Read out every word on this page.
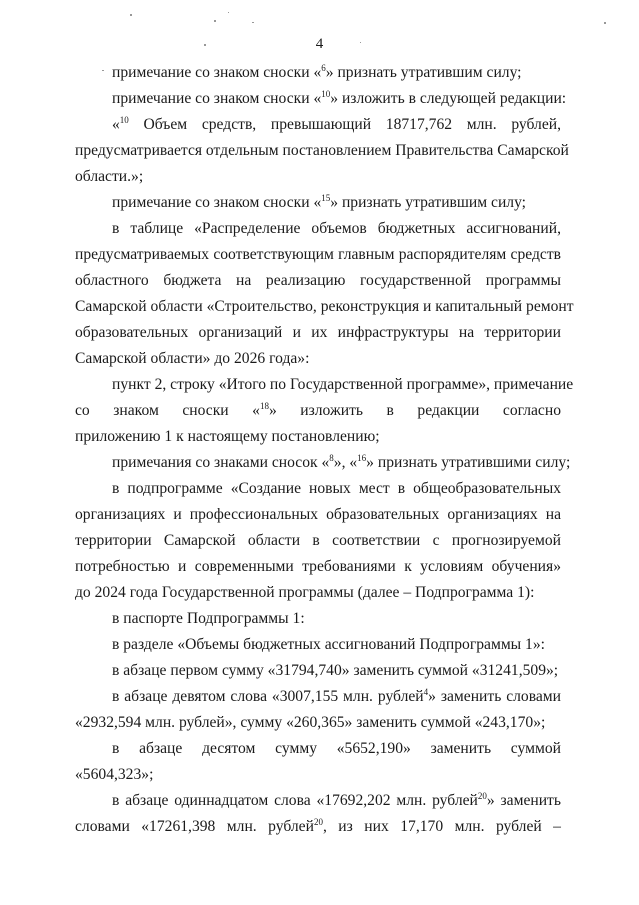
4
примечание со знаком сноски «$^6$» признать утратившим силу;
примечание со знаком сноски «$^{10}$» изложить в следующей редакции:
«$^{10}$ Объем средств, превышающий 18717,762 млн. рублей,
предусматривается отдельным постановлением Правительства Самарской
области.»;
примечание со знаком сноски «$^{15}$» признать утратившим силу;
в таблице «Распределение объемов бюджетных ассигнований,
предусматриваемых соответствующим главным распорядителям средств
областного бюджета на реализацию государственной программы
Самарской области «Строительство, реконструкция и капитальный ремонт
образовательных организаций и их инфраструктуры на территории
Самарской области» до 2026 года»:
пункт 2, строку «Итого по Государственной программе», примечание
со знаком сноски «$^{18}$» изложить в редакции согласно
приложению 1 к настоящему постановлению;
примечания со знаками сносок «$^8$», «$^{16}$» признать утратившими силу;
в подпрограмме «Создание новых мест в общеобразовательных
организациях и профессиональных образовательных организациях на
территории Самарской области в соответствии с прогнозируемой
потребностью и современными требованиями к условиям обучения»
до 2024 года Государственной программы (далее – Подпрограмма 1):
в паспорте Подпрограммы 1:
в разделе «Объемы бюджетных ассигнований Подпрограммы 1»:
в абзаце первом сумму «31794,740» заменить суммой «31241,509»;
в абзаце девятом слова «3007,155 млн. рублей$^4$» заменить словами
«2932,594 млн. рублей», сумму «260,365» заменить суммой «243,170»;
в абзаце десятом сумму «5652,190» заменить суммой
«5604,323»;
в абзаце одиннадцатом слова «17692,202 млн. рублей$^{20}$» заменить
словами «17261,398 млн. рублей$^{20}$, из них 17,170 млн. рублей –
